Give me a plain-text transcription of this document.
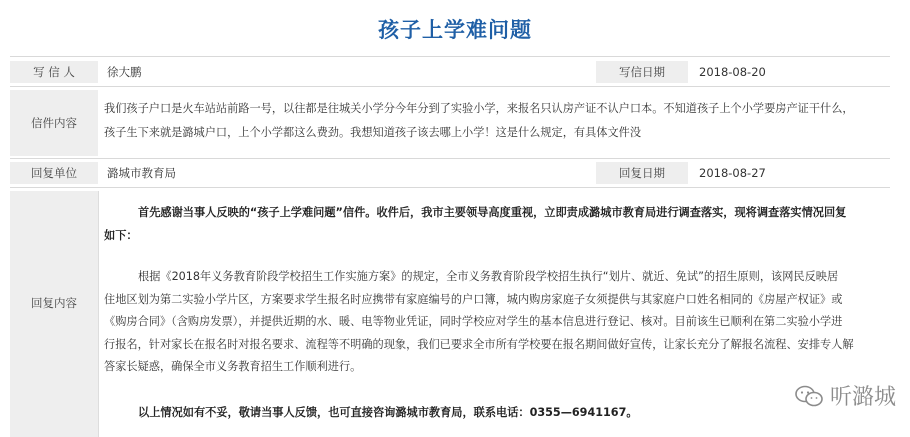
孩子上学难问题
写 信 人	徐大鹏	写信日期	2018-08-20
信件内容
我们孩子户口是火车站站前路一号，以往都是往城关小学分今年分到了实验小学，来报名只认房产证不认户口本。不知道孩子上个小学要房产证干什么，
孩子生下来就是潞城户口，上个小学都这么费劲。我想知道孩子该去哪上小学！这是什么规定，有具体文件没
回复单位	潞城市教育局	回复日期	2018-08-27
回复内容
首先感谢当事人反映的“孩子上学难问题”信件。收件后，我市主要领导高度重视，立即责成潞城市教育局进行调查落实，现将调查落实情况回复
如下：
根据《2018年义务教育阶段学校招生工作实施方案》的规定，全市义务教育阶段学校招生执行“划片、就近、免试”的招生原则，该网民反映居
住地区划为第二实验小学片区，方案要求学生报名时应携带有家庭编号的户口簿，城内购房家庭子女须提供与其家庭户口姓名相同的《房屋产权证》或
《购房合同》（含购房发票），并提供近期的水、暖、电等物业凭证，同时学校应对学生的基本信息进行登记、核对。目前该生已顺利在第二实验小学进
行报名，针对家长在报名时对报名要求、流程等不明确的现象，我们已要求全市所有学校要在报名期间做好宣传，让家长充分了解报名流程、安排专人解
答家长疑惑，确保全市义务教育招生工作顺利进行。
以上情况如有不妥，敬请当事人反馈，也可直接咨询潞城市教育局，联系电话：0355—6941167。
听潞城
